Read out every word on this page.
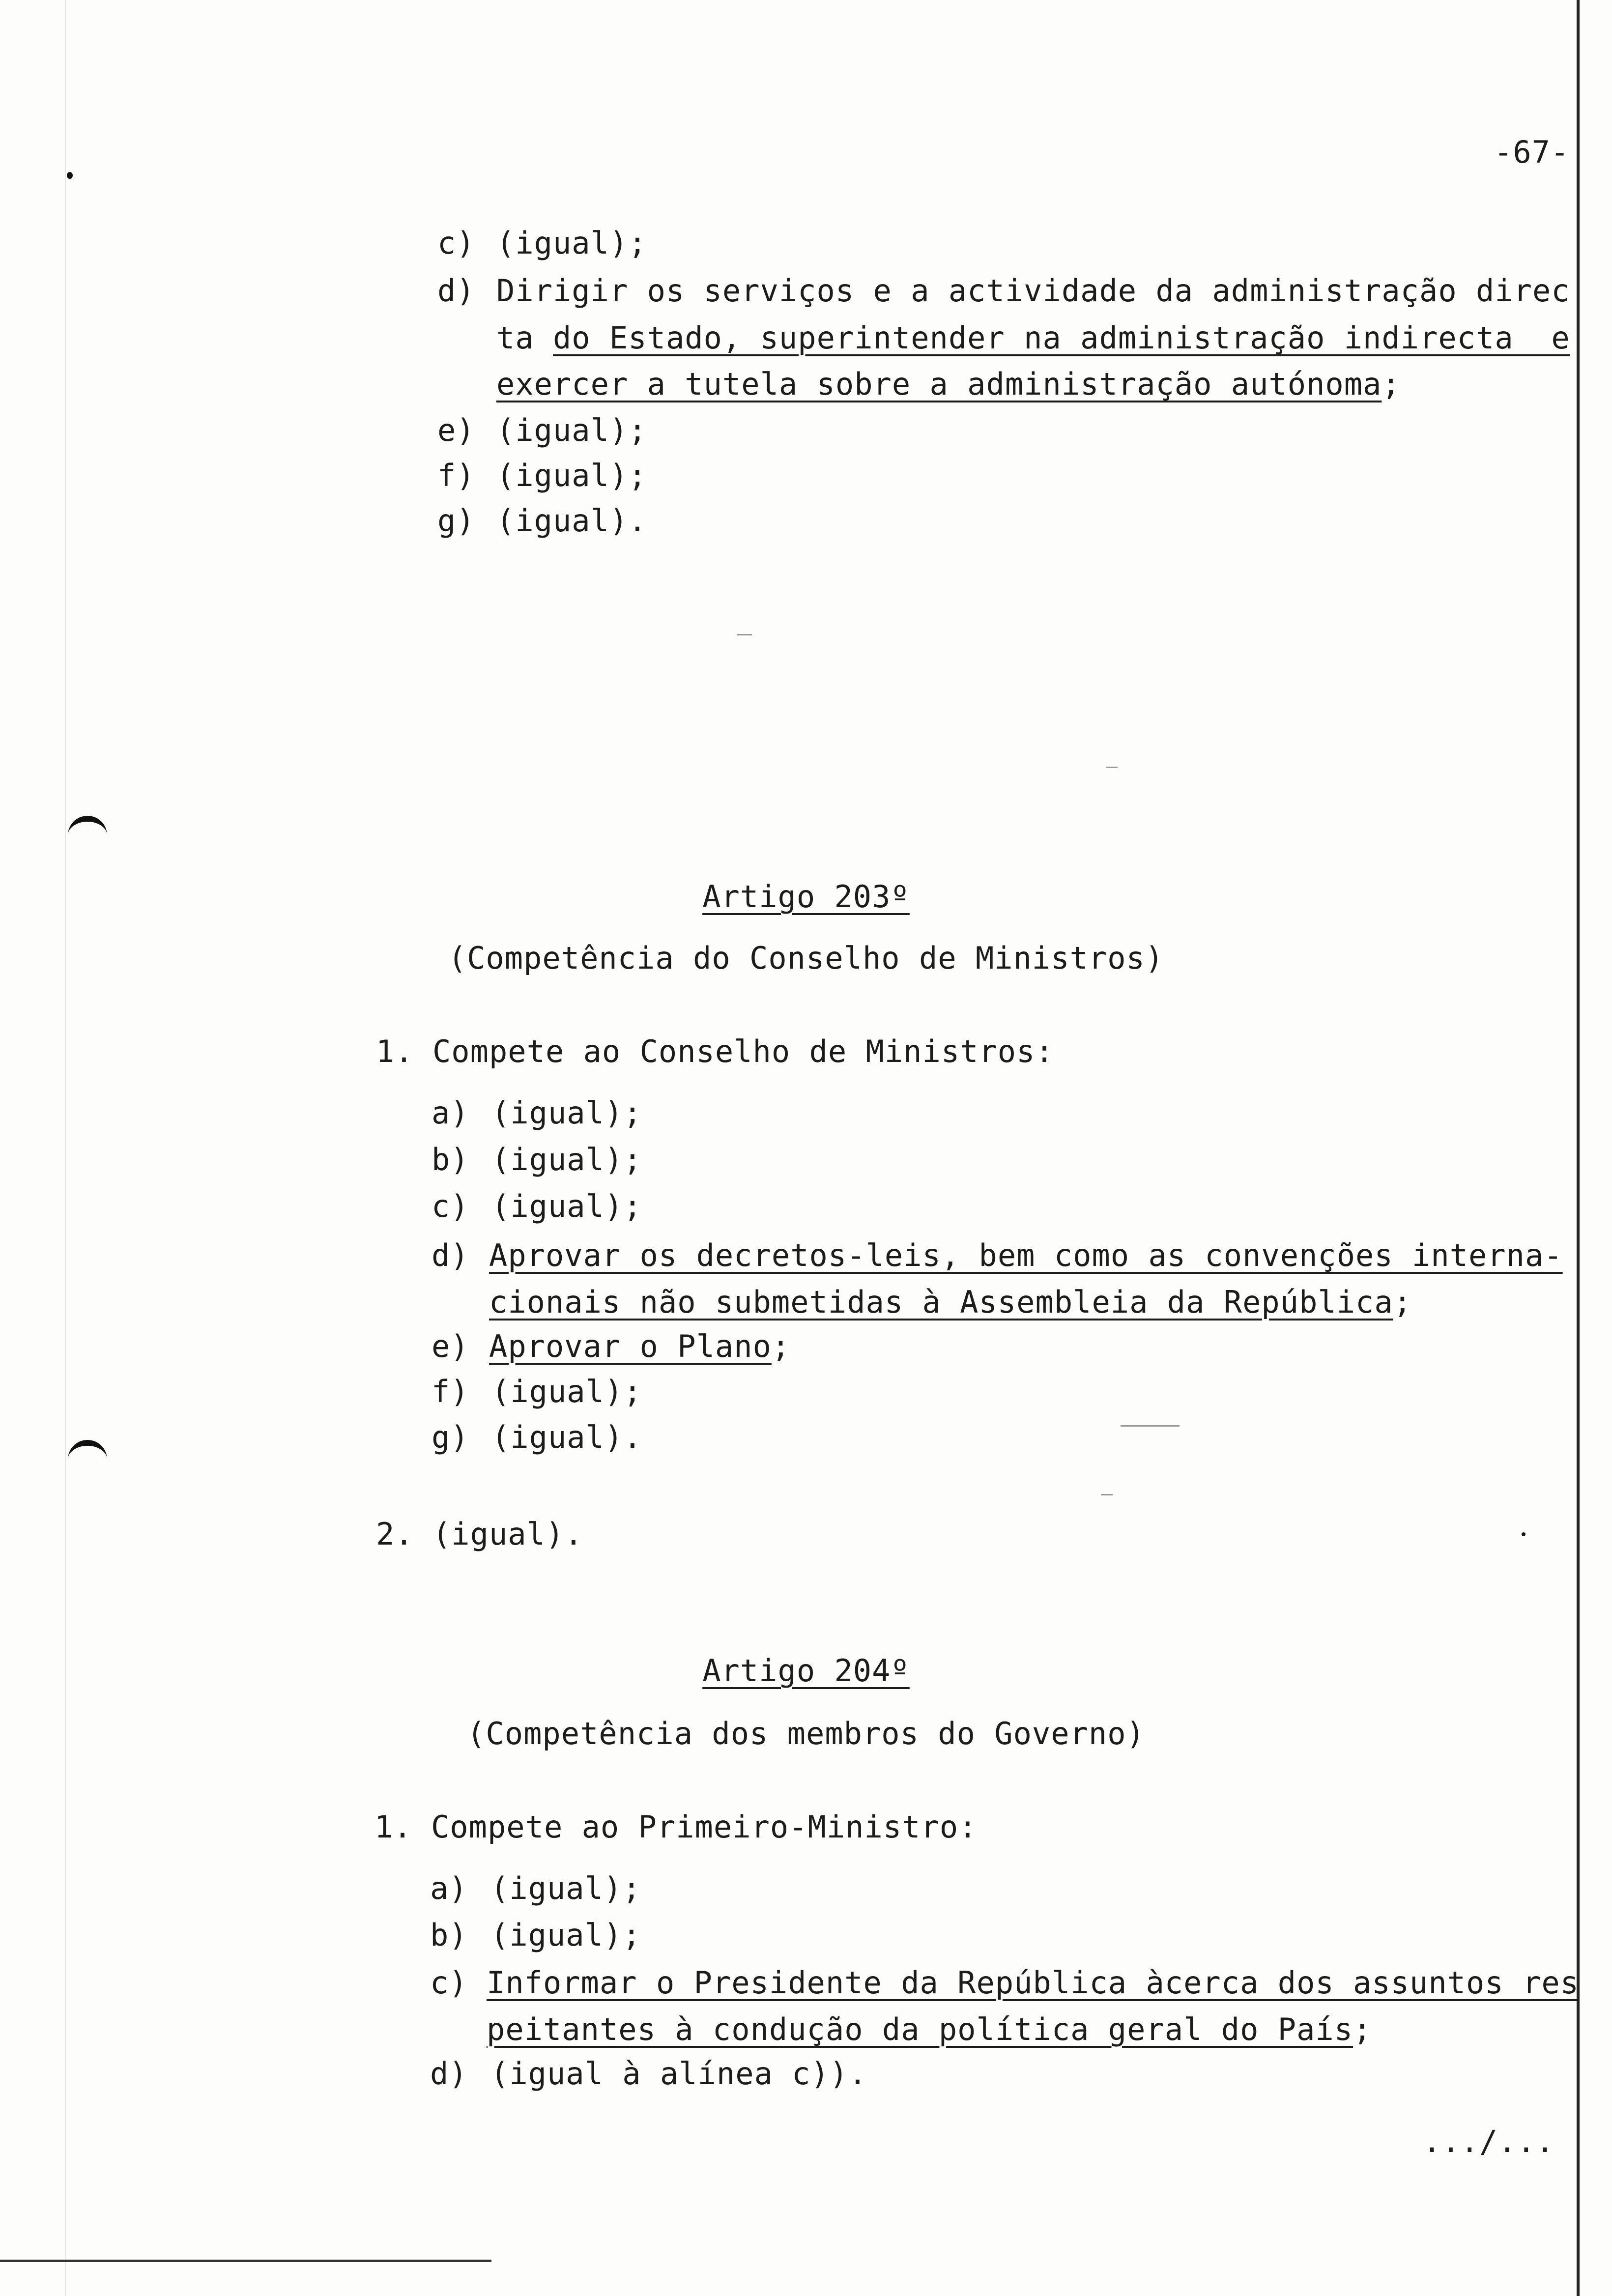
-67-
c) (igual);
d) Dirigir os serviços e a actividade da administração direc
ta do Estado, superintender na administração indirecta  e
exercer a tutela sobre a administração autónoma;
e) (igual);
f) (igual);
g) (igual).
Artigo 203º
(Competência do Conselho de Ministros)
1. Compete ao Conselho de Ministros:
a) (igual);
b) (igual);
c) (igual);
d) Aprovar os decretos-leis, bem como as convenções interna-
cionais não submetidas à Assembleia da República;
e) Aprovar o Plano;
f) (igual);
g) (igual).
2. (igual).
Artigo 204º
(Competência dos membros do Governo)
1. Compete ao Primeiro-Ministro:
a) (igual);
b) (igual);
c) Informar o Presidente da República àcerca dos assuntos res
peitantes à condução da política geral do País;
d) (igual à alínea c)).
.../...
